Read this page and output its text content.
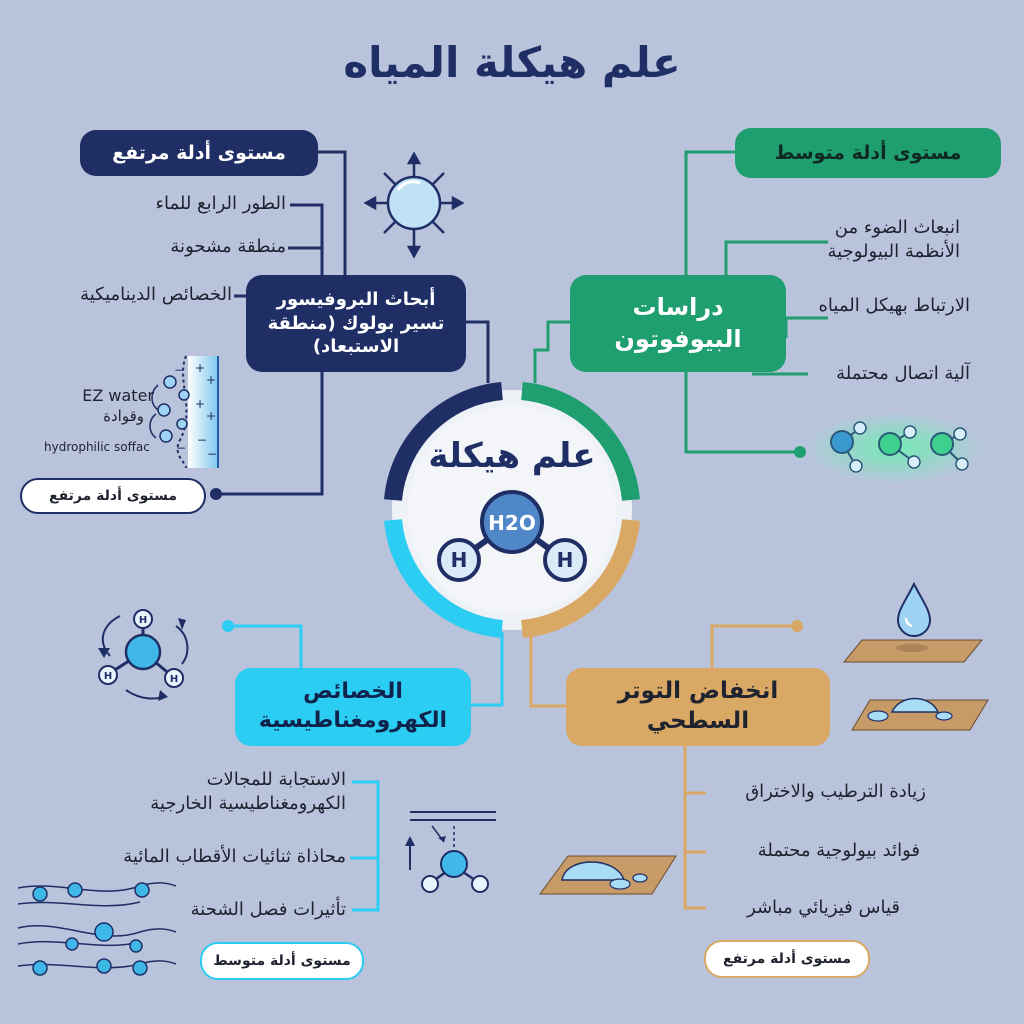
+
+
+
+
−
−
−
−
H2O
H	H
H
H	H
علم هيكلة المياه
مستوى أدلة مرتفع
الطور الرابع للماء
منطقة مشحونة
الخصائص الديناميكية	أبحاث البروفيسور تسير بولوك (منطقة الاستبعاد)
EZ water
وقوادة
hydrophilic soffac
مستوى أدلة مرتفع
مستوى أدلة متوسط
انبعاث الضوء من الأنظمة البيولوجية
الارتباط بهيكل المياه
آلية اتصال محتملة
دراسات البيوفوتون
علم هيكلة
الخصائص الكهرومغناطيسية
الاستجابة للمجالات الكهرومغناطيسية الخارجية
محاذاة ثنائيات الأقطاب المائية
تأثيرات فصل الشحنة
مستوى أدلة متوسط
انخفاض التوتر السطحي
زيادة الترطيب والاختراق
فوائد بيولوجية محتملة
قياس فيزيائي مباشر
مستوى أدلة مرتفع
